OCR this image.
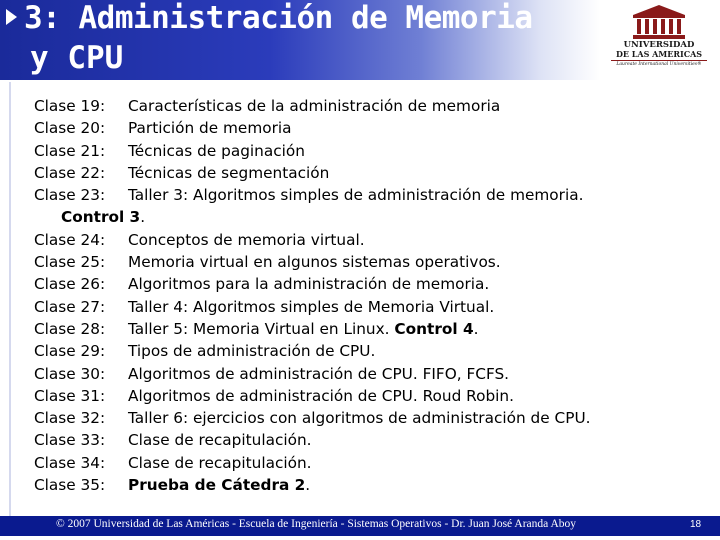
3: Administración de Memoria
y CPU	UNIVERSIDAD
DE LAS AMERICAS
Laureate International Universities®
Clase 19: Características de la administración de memoria
Clase 20: Partición de memoria
Clase 21: Técnicas de paginación
Clase 22: Técnicas de segmentación
Clase 23: Taller 3: Algoritmos simples de administración de memoria.
Control 3.
Clase 24: Conceptos de memoria virtual.
Clase 25: Memoria virtual en algunos sistemas operativos.
Clase 26: Algoritmos para la administración de memoria.
Clase 27: Taller 4: Algoritmos simples de Memoria Virtual.
Clase 28: Taller 5: Memoria Virtual en Linux. Control 4.
Clase 29: Tipos de administración de CPU.
Clase 30: Algoritmos de administración de CPU. FIFO, FCFS.
Clase 31: Algoritmos de administración de CPU. Roud Robin.
Clase 32: Taller 6: ejercicios con algoritmos de administración de CPU.
Clase 33: Clase de recapitulación.
Clase 34: Clase de recapitulación.
Clase 35: Prueba de Cátedra 2.
© 2007 Universidad de Las Américas - Escuela de Ingeniería - Sistemas Operativos - Dr. Juan José Aranda Aboy	18
